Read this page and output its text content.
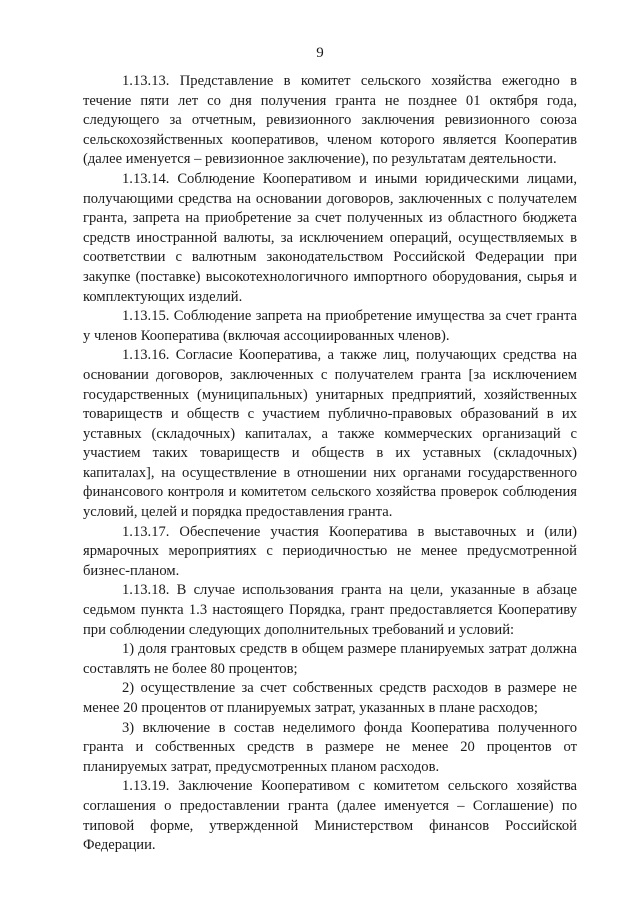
9

1.13.13. Представление в комитет сельского хозяйства ежегодно в течение пяти лет со дня получения гранта не позднее 01 октября года, следующего за отчетным, ревизионного заключения ревизионного союза сельскохозяйственных кооперативов, членом которого является Кооператив (далее именуется – ревизионное заключение), по результатам деятельности.

1.13.14. Соблюдение Кооперативом и иными юридическими лицами, получающими средства на основании договоров, заключенных с получателем гранта, запрета на приобретение за счет полученных из областного бюджета средств иностранной валюты, за исключением операций, осуществляемых в соответствии с валютным законодательством Российской Федерации при закупке (поставке) высокотехнологичного импортного оборудования, сырья и комплектующих изделий.

1.13.15. Соблюдение запрета на приобретение имущества за счет гранта у членов Кооператива (включая ассоциированных членов).

1.13.16. Согласие Кооператива, а также лиц, получающих средства на основании договоров, заключенных с получателем гранта [за исключением государственных (муниципальных) унитарных предприятий, хозяйственных товариществ и обществ с участием публично-правовых образований в их уставных (складочных) капиталах, а также коммерческих организаций с участием таких товариществ и обществ в их уставных (складочных) капиталах], на осуществление в отношении них органами государственного финансового контроля и комитетом сельского хозяйства проверок соблюдения условий, целей и порядка предоставления гранта.

1.13.17. Обеспечение участия Кооператива в выставочных и (или) ярмарочных мероприятиях с периодичностью не менее предусмотренной бизнес-планом.

1.13.18. В случае использования гранта на цели, указанные в абзаце седьмом пункта 1.3 настоящего Порядка, грант предоставляется Кооперативу при соблюдении следующих дополнительных требований и условий:

1) доля грантовых средств в общем размере планируемых затрат должна составлять не более 80 процентов;

2) осуществление за счет собственных средств расходов в размере не менее 20 процентов от планируемых затрат, указанных в плане расходов;

3) включение в состав неделимого фонда Кооператива полученного гранта и собственных средств в размере не менее 20 процентов от планируемых затрат, предусмотренных планом расходов.

1.13.19. Заключение Кооперативом с комитетом сельского хозяйства соглашения о предоставлении гранта (далее именуется – Соглашение) по типовой форме, утвержденной Министерством финансов Российской Федерации.
